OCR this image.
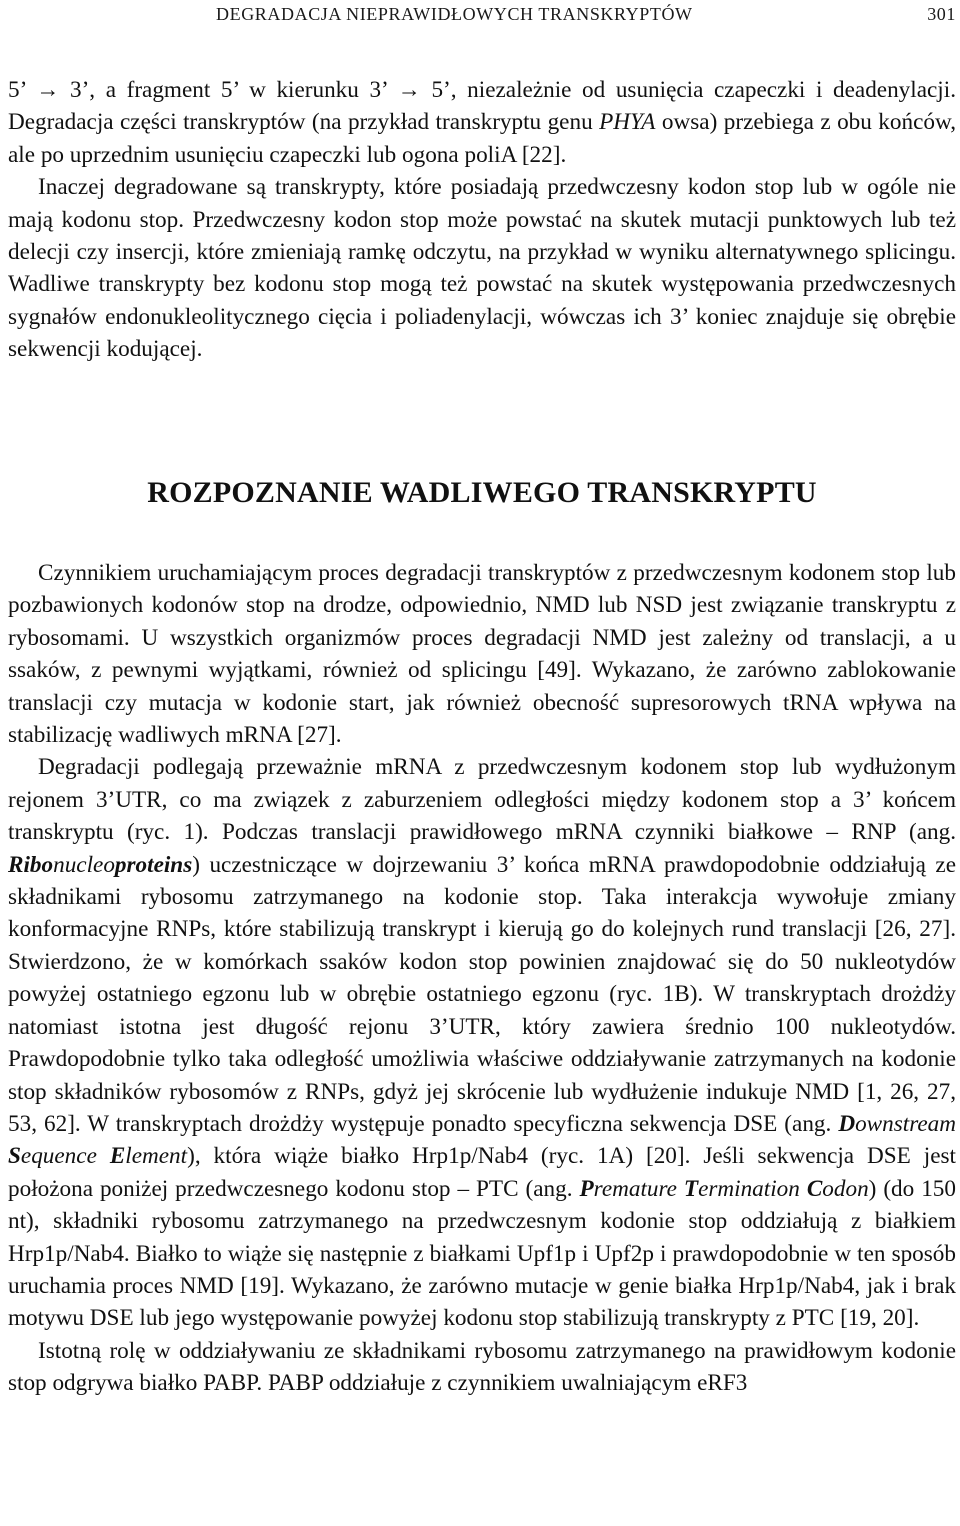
DEGRADACJA NIEPRAWIDŁOWYCH TRANSKRYPTÓW	301

5’ → 3’, a fragment 5’ w kierunku 3’ → 5’, niezależnie od usunięcia czapeczki i deadenylacji. Degradacja części transkryptów (na przykład transkryptu genu PHYA owsa) przebiega z obu końców, ale po uprzednim usunięciu czapeczki lub ogona poliA [22].

Inaczej degradowane są transkrypty, które posiadają przedwczesny kodon stop lub w ogóle nie mają kodonu stop. Przedwczesny kodon stop może powstać na skutek mutacji punktowych lub też delecji czy insercji, które zmieniają ramkę odczytu, na przykład w wyniku alternatywnego splicingu. Wadliwe transkrypty bez kodonu stop mogą też powstać na skutek występowania przedwczesnych sygnałów endonukleolitycznego cięcia i poliadenylacji, wówczas ich 3’ koniec znajduje się obrębie sekwencji kodującej.

ROZPOZNANIE WADLIWEGO TRANSKRYPTU

Czynnikiem uruchamiającym proces degradacji transkryptów z przedwczesnym kodonem stop lub pozbawionych kodonów stop na drodze, odpowiednio, NMD lub NSD jest związanie transkryptu z rybosomami. U wszystkich organizmów proces degradacji NMD jest zależny od translacji, a u ssaków, z pewnymi wyjątkami, również od splicingu [49]. Wykazano, że zarówno zablokowanie translacji czy mutacja w kodonie start, jak również obecność supresorowych tRNA wpływa na stabilizację wadliwych mRNA [27].

Degradacji podlegają przeważnie mRNA z przedwczesnym kodonem stop lub wydłużonym rejonem 3’UTR, co ma związek z zaburzeniem odległości między kodonem stop a 3’ końcem transkryptu (ryc. 1). Podczas translacji prawidłowego mRNA czynniki białkowe – RNP (ang. Ribonucleoproteins) uczestniczące w dojrzewaniu 3’ końca mRNA prawdopodobnie oddziałują ze składnikami rybosomu zatrzymanego na kodonie stop. Taka interakcja wywołuje zmiany konformacyjne RNPs, które stabilizują transkrypt i kierują go do kolejnych rund translacji [26, 27]. Stwierdzono, że w komórkach ssaków kodon stop powinien znajdować się do 50 nukleotydów powyżej ostatniego egzonu lub w obrębie ostatniego egzonu (ryc. 1B). W transkryptach drożdży natomiast istotna jest długość rejonu 3’UTR, który zawiera średnio 100 nukleotydów. Prawdopodobnie tylko taka odległość umożliwia właściwe oddziaływanie zatrzymanych na kodonie stop składników rybosomów z RNPs, gdyż jej skrócenie lub wydłużenie indukuje NMD [1, 26, 27, 53, 62]. W transkryptach drożdży występuje ponadto specyficzna sekwencja DSE (ang. Downstream Sequence Element), która wiąże białko Hrp1p/Nab4 (ryc. 1A) [20]. Jeśli sekwencja DSE jest położona poniżej przedwczesnego kodonu stop – PTC (ang. Premature Termination Codon) (do 150 nt), składniki rybosomu zatrzymanego na przedwczesnym kodonie stop oddziałują z białkiem Hrp1p/Nab4. Białko to wiąże się następnie z białkami Upf1p i Upf2p i prawdopodobnie w ten sposób uruchamia proces NMD [19]. Wykazano, że zarówno mutacje w genie białka Hrp1p/Nab4, jak i brak motywu DSE lub jego występowanie powyżej kodonu stop stabilizują transkrypty z PTC [19, 20].

Istotną rolę w oddziaływaniu ze składnikami rybosomu zatrzymanego na prawidłowym kodonie stop odgrywa białko PABP. PABP oddziałuje z czynnikiem uwalniającym eRF3
